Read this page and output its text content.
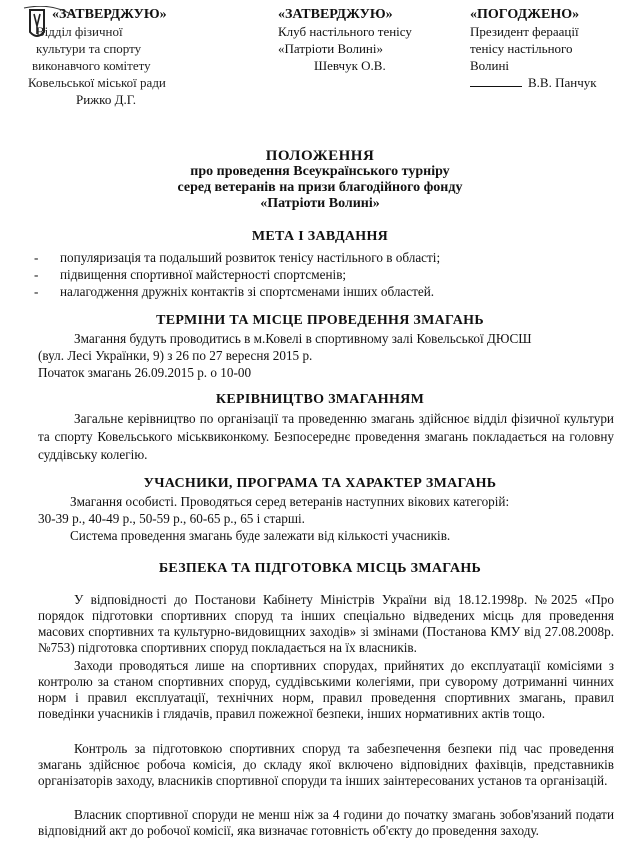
«ЗАТВЕРДЖУЮ»
Відділ фізичної
культури та спорту
виконавчого комітету
Ковельської міської ради
Рижко Д.Г.
«ЗАТВЕРДЖУЮ»
Клуб настільного тенісу
«Патріоти Волині»
Шевчук О.В.
«ПОГОДЖЕНО»
Президент фераації
тенісу настільного
Волині
В.В. Панчук
ПОЛОЖЕННЯ
про проведення Всеукраїнського турніру
серед ветеранів на призи благодійного фонду
«Патріоти Волині»
МЕТА І ЗАВДАННЯ
-	популяризація та подальший розвиток тенісу настільного в області;
-	підвищення спортивної майстерності спортсменів;
-	налагодження дружніх контактів зі спортсменами інших областей.
ТЕРМІНИ ТА МІСЦЕ ПРОВЕДЕННЯ ЗМАГАНЬ
Змагання будуть проводитись в м.Ковелі в спортивному залі Ковельської ДЮСШ
(вул. Лесі Українки, 9) з 26 по 27 вересня 2015 р.
Початок змагань 26.09.2015 р. о 10-00
КЕРІВНИЦТВО ЗМАГАННЯМ
Загальне керівництво по організації та проведенню змагань здійснює відділ фізичної культури та спорту Ковельського міськвиконкому. Безпосереднє проведення змагань покладається на головну суддівську колегію.
УЧАСНИКИ, ПРОГРАМА ТА ХАРАКТЕР ЗМАГАНЬ
Змагання особисті. Проводяться серед ветеранів наступних вікових категорій:
30-39 р., 40-49 р., 50-59 р., 60-65 р., 65 і старші.
Система проведення змагань буде залежати від кількості учасників.
БЕЗПЕКА ТА ПІДГОТОВКА МІСЦЬ ЗМАГАНЬ
У відповідності до Постанови Кабінету Міністрів України від 18.12.1998р. №2025 «Про порядок підготовки спортивних споруд та інших спеціально відведених місць для проведення масових спортивних та культурно-видовищних заходів» зі змінами (Постанова КМУ від 27.08.2008р. №753) підготовка спортивних споруд покладається на їх власників.
Заходи проводяться лише на спортивних спорудах, прийнятих до експлуатації комісіями з контролю за станом спортивних споруд, суддівськими колегіями, при суворому дотриманні чинних норм і правил експлуатації, технічних норм, правил проведення спортивних змагань, правил поведінки учасників і глядачів, правил пожежної безпеки, інших нормативних актів тощо.
Контроль за підготовкою спортивних споруд та забезпечення безпеки під час проведення змагань здійснює робоча комісія, до складу якої включено відповідних фахівців, представників організаторів заходу, власників спортивної споруди та інших заінтересованих установ та організацій.
Власник спортивної споруди не менш ніж за 4 години до початку змагань зобов'язаний подати відповідний акт до робочої комісії, яка визначає готовність об'єкту до проведення заходу.
